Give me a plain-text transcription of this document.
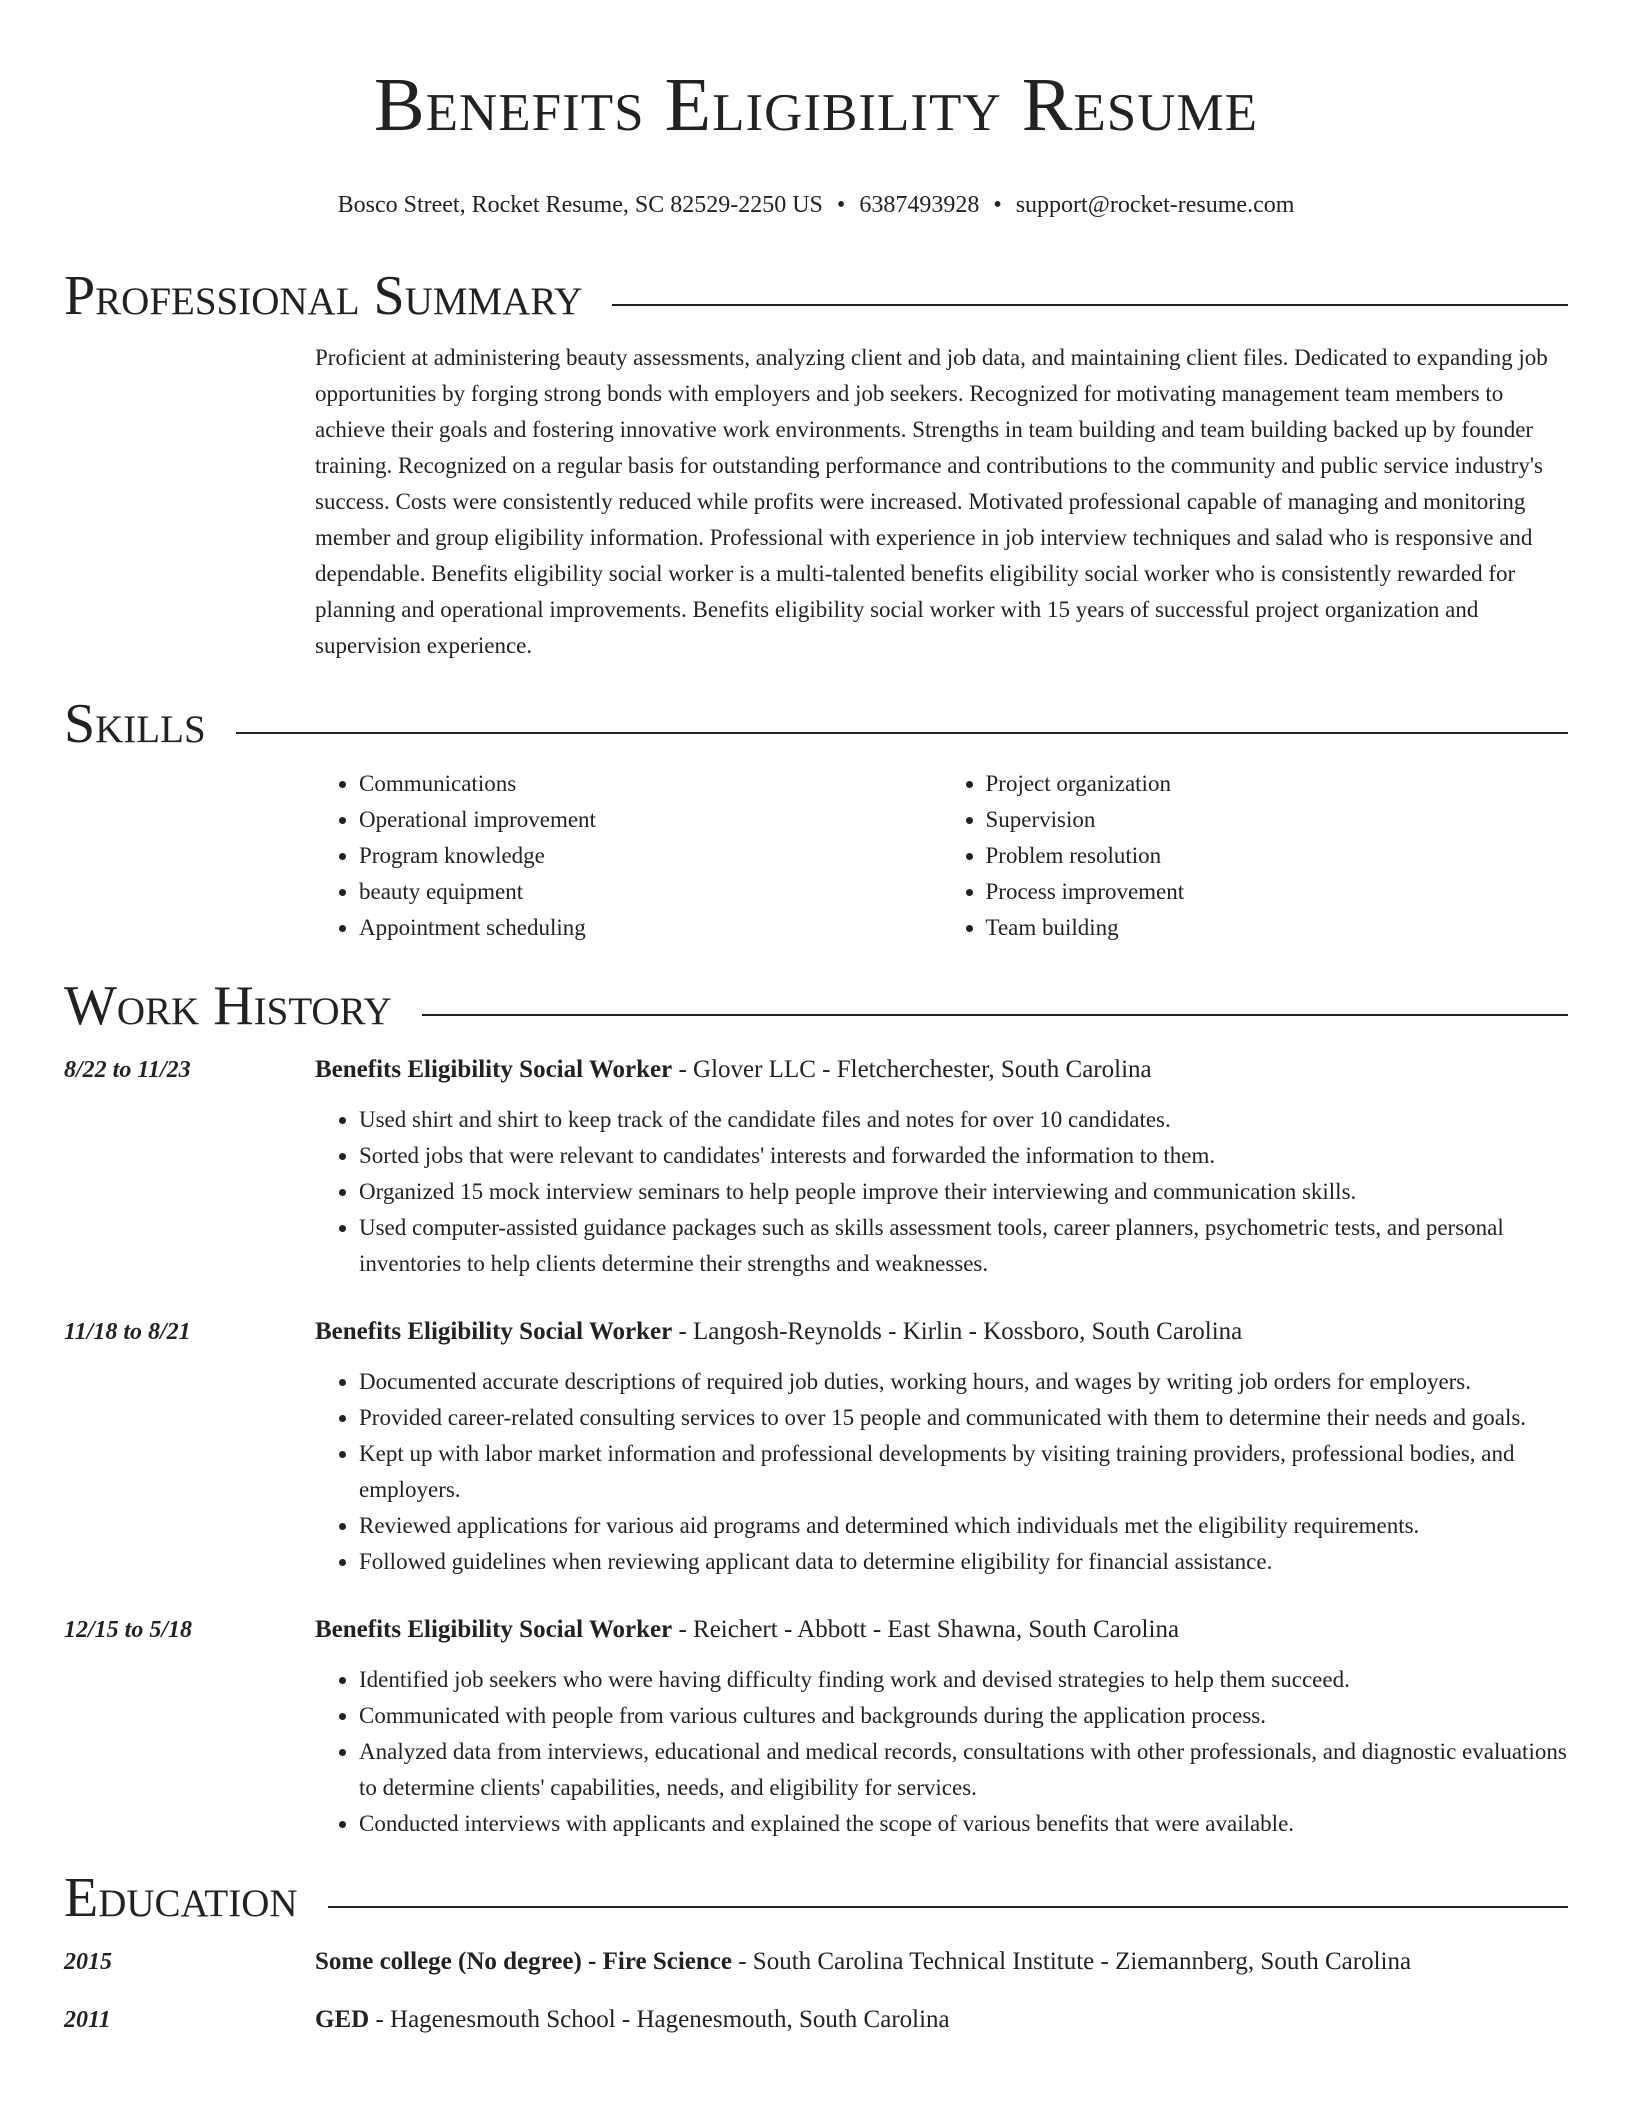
Benefits Eligibility Resume
Bosco Street, Rocket Resume, SC 82529-2250 US • 6387493928 • support@rocket-resume.com
Professional Summary

Proficient at administering beauty assessments, analyzing client and job data, and maintaining client files. Dedicated to expanding job opportunities by forging strong bonds with employers and job seekers. Recognized for motivating management team members to achieve their goals and fostering innovative work environments. Strengths in team building and team building backed up by founder training. Recognized on a regular basis for outstanding performance and contributions to the community and public service industry's success. Costs were consistently reduced while profits were increased. Motivated professional capable of managing and monitoring member and group eligibility information. Professional with experience in job interview techniques and salad who is responsive and dependable. Benefits eligibility social worker is a multi-talented benefits eligibility social worker who is consistently rewarded for planning and operational improvements. Benefits eligibility social worker with 15 years of successful project organization and supervision experience.

Skills
• Communications
• Operational improvement
• Program knowledge
• beauty equipment
• Appointment scheduling
• Project organization
• Supervision
• Problem resolution
• Process improvement
• Team building
Work History
8/22 to 11/23	Benefits Eligibility Social Worker - Glover LLC - Fletcherchester, South Carolina
• Used shirt and shirt to keep track of the candidate files and notes for over 10 candidates.
• Sorted jobs that were relevant to candidates' interests and forwarded the information to them.
• Organized 15 mock interview seminars to help people improve their interviewing and communication skills.
• Used computer-assisted guidance packages such as skills assessment tools, career planners, psychometric tests, and personal inventories to help clients determine their strengths and weaknesses.
11/18 to 8/21	Benefits Eligibility Social Worker - Langosh-Reynolds - Kirlin - Kossboro, South Carolina
• Documented accurate descriptions of required job duties, working hours, and wages by writing job orders for employers.
• Provided career-related consulting services to over 15 people and communicated with them to determine their needs and goals.
• Kept up with labor market information and professional developments by visiting training providers, professional bodies, and employers.
• Reviewed applications for various aid programs and determined which individuals met the eligibility requirements.
• Followed guidelines when reviewing applicant data to determine eligibility for financial assistance.
12/15 to 5/18	Benefits Eligibility Social Worker - Reichert - Abbott - East Shawna, South Carolina
• Identified job seekers who were having difficulty finding work and devised strategies to help them succeed.
• Communicated with people from various cultures and backgrounds during the application process.
• Analyzed data from interviews, educational and medical records, consultations with other professionals, and diagnostic evaluations to determine clients' capabilities, needs, and eligibility for services.
• Conducted interviews with applicants and explained the scope of various benefits that were available.
Education
2015	Some college (No degree) - Fire Science - South Carolina Technical Institute - Ziemannberg, South Carolina
2011	GED - Hagenesmouth School - Hagenesmouth, South Carolina
